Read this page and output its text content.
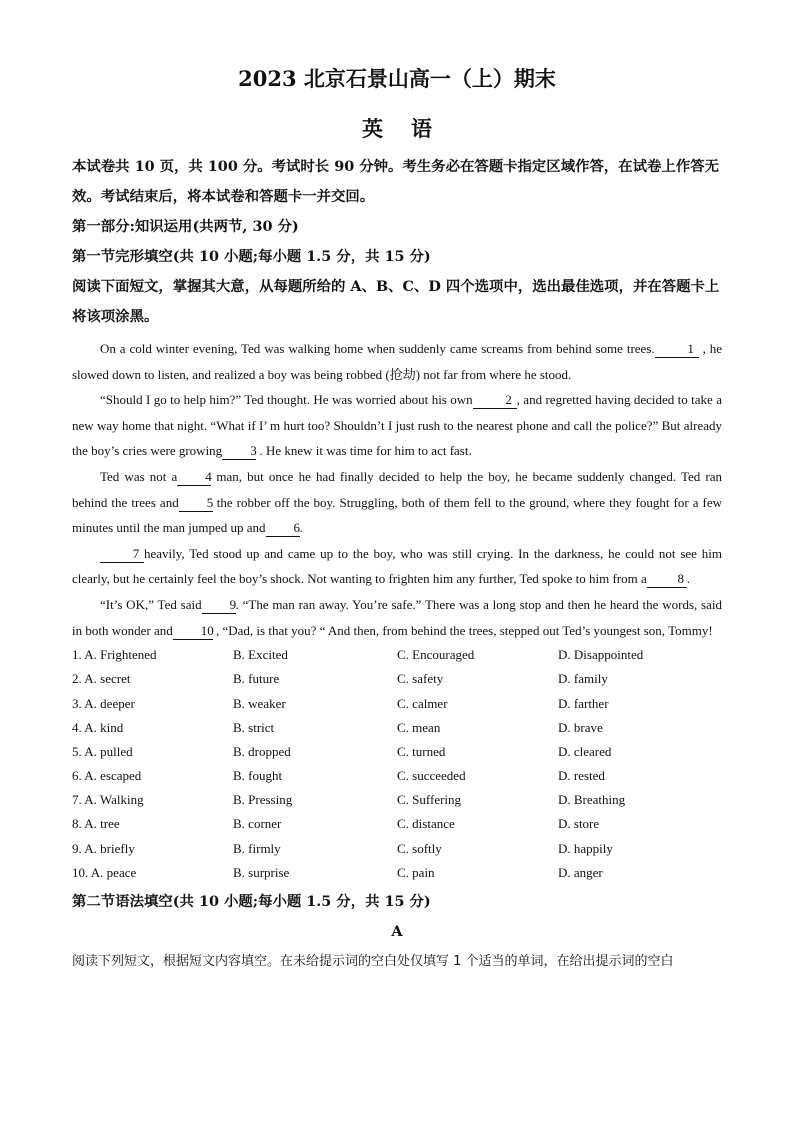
2023 北京石景山高一（上）期末
英语
本试卷共 10 页，共 100 分。考试时长 90 分钟。考生务必在答题卡指定区域作答，在试卷上作答无效。考试结束后，将本试卷和答题卡一并交回。
第一部分:知识运用(共两节, 30 分)
第一节完形填空(共 10 小题;每小题 1.5 分，共 15 分)
阅读下面短文，掌握其大意，从每题所给的 A、B、C、D 四个选项中，选出最佳选项，并在答题卡上将该项涂黑。

On a cold winter evening, Ted was walking home when suddenly came screams from behind some trees.	1 , he slowed down to listen, and realized a boy was being robbed (抢劫) not far from where he stood.

“Should I go to help him?” Ted thought. He was worried about his own	2 , and regretted having decided to take a new way home that night. “What if I’ m hurt too? Shouldn’t I just rush to the nearest phone and call the police?” But already the boy’s cries were growing 3 . He knew it was time for him to act fast.

Ted was not a 4 man, but once he had finally decided to help the boy, he became suddenly changed. Ted ran behind the trees and 5 the robber off the boy. Struggling, both of them fell to the ground, where they fought for a few minutes until the man jumped up and 6.

7 heavily, Ted stood up and came up to the boy, who was still crying. In the darkness, he could not see him clearly, but he certainly feel the boy’s shock. Not wanting to frighten him any further, Ted spoke to him from a 8 .

“It’s OK,” Ted said 9. “The man ran away. You’re safe.” There was a long stop and then he heard the words, said in both wonder and 10 , “Dad, is that you? “ And then, from behind the trees, stepped out Ted’s youngest son, Tommy!

1. A. Frightened	B. Excited	C. Encouraged	D. Disappointed
2. A. secret	B. future	C. safety	D. family
3. A. deeper	B. weaker	C. calmer	D. farther
4. A. kind	B. strict	C. mean	D. brave
5. A. pulled	B. dropped	C. turned	D. cleared
6. A. escaped	B. fought	C. succeeded	D. rested
7. A. Walking	B. Pressing	C. Suffering	D. Breathing
8. A. tree	B. corner	C. distance	D. store
9. A. briefly	B. firmly	C. softly	D. happily
10. A. peace	B. surprise	C. pain	D. anger
第二节语法填空(共 10 小题;每小题 1.5 分，共 15 分)
A
阅读下列短文，根据短文内容填空。在未给提示词的空白处仅填写 1 个适当的单词，在给出提示词的空白
